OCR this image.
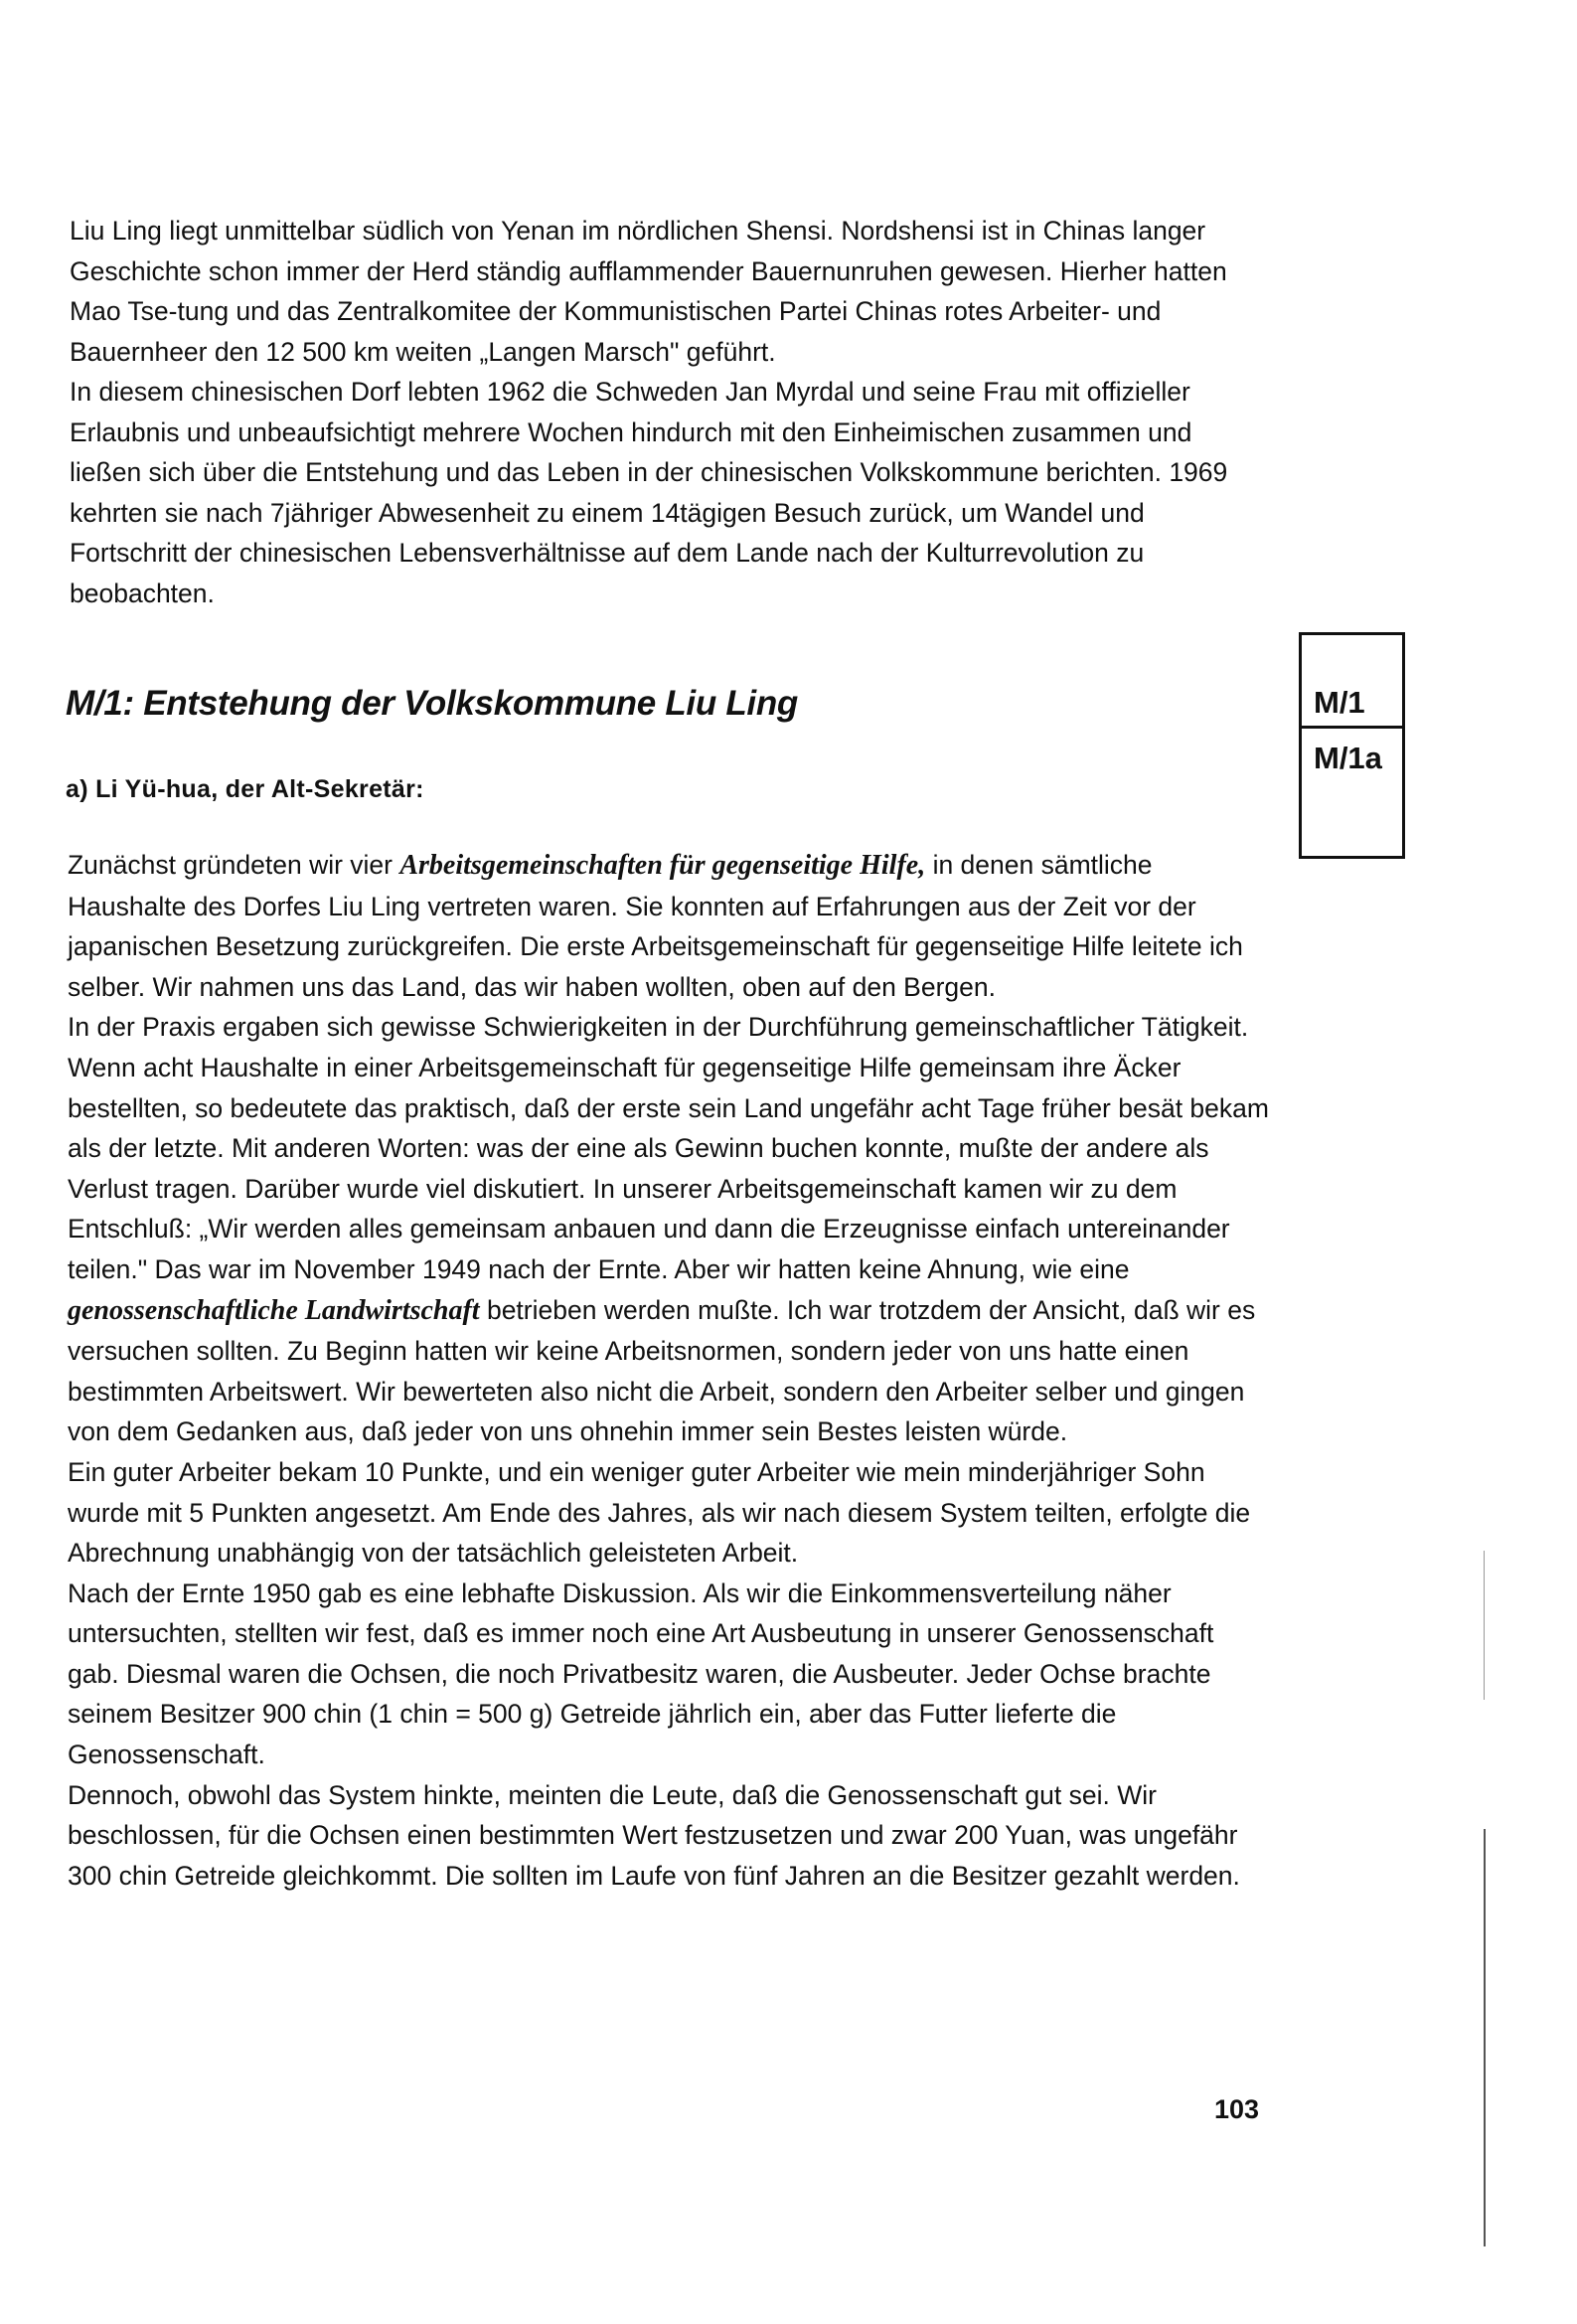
Liu Ling liegt unmittelbar südlich von Yenan im nördlichen Shensi. Nordshensi ist in Chinas langer Geschichte schon immer der Herd ständig aufflammender Bauernunruhen gewesen. Hierher hatten Mao Tse-tung und das Zentralkomitee der Kommunistischen Partei Chinas rotes Arbeiter- und Bauernheer den 12 500 km weiten „Langen Marsch" geführt.

In diesem chinesischen Dorf lebten 1962 die Schweden Jan Myrdal und seine Frau mit offizieller Erlaubnis und unbeaufsichtigt mehrere Wochen hindurch mit den Einheimischen zusammen und ließen sich über die Entstehung und das Leben in der chinesischen Volkskommune berichten. 1969 kehrten sie nach 7jähriger Abwesenheit zu einem 14tägigen Besuch zurück, um Wandel und Fortschritt der chinesischen Lebensverhältnisse auf dem Lande nach der Kulturrevolution zu beobachten.

M/1: Entstehung der Volkskommune Liu Ling
a) Li Yü-hua, der Alt-Sekretär:
M/1
M/1a

Zunächst gründeten wir vier Arbeitsgemeinschaften für gegenseitige Hilfe, in denen sämtliche Haushalte des Dorfes Liu Ling vertreten waren. Sie konnten auf Erfahrungen aus der Zeit vor der japanischen Besetzung zurückgreifen. Die erste Arbeitsgemeinschaft für gegenseitige Hilfe leitete ich selber. Wir nahmen uns das Land, das wir haben wollten, oben auf den Bergen.

In der Praxis ergaben sich gewisse Schwierigkeiten in der Durchführung gemeinschaftlicher Tätigkeit. Wenn acht Haushalte in einer Arbeitsgemeinschaft für gegenseitige Hilfe gemeinsam ihre Äcker bestellten, so bedeutete das praktisch, daß der erste sein Land ungefähr acht Tage früher besät bekam als der letzte. Mit anderen Worten: was der eine als Gewinn buchen konnte, mußte der andere als Verlust tragen. Darüber wurde viel diskutiert. In unserer Arbeitsgemeinschaft kamen wir zu dem Entschluß: „Wir werden alles gemeinsam anbauen und dann die Erzeugnisse einfach untereinander teilen." Das war im November 1949 nach der Ernte. Aber wir hatten keine Ahnung, wie eine genossenschaftliche Landwirtschaft betrieben werden mußte. Ich war trotzdem der Ansicht, daß wir es versuchen sollten. Zu Beginn hatten wir keine Arbeitsnormen, sondern jeder von uns hatte einen bestimmten Arbeitswert. Wir bewerteten also nicht die Arbeit, sondern den Arbeiter selber und gingen von dem Gedanken aus, daß jeder von uns ohnehin immer sein Bestes leisten würde.

Ein guter Arbeiter bekam 10 Punkte, und ein weniger guter Arbeiter wie mein minderjähriger Sohn wurde mit 5 Punkten angesetzt. Am Ende des Jahres, als wir nach diesem System teilten, erfolgte die Abrechnung unabhängig von der tatsächlich geleisteten Arbeit.

Nach der Ernte 1950 gab es eine lebhafte Diskussion. Als wir die Einkommensverteilung näher untersuchten, stellten wir fest, daß es immer noch eine Art Ausbeutung in unserer Genossenschaft gab. Diesmal waren die Ochsen, die noch Privatbesitz waren, die Ausbeuter. Jeder Ochse brachte seinem Besitzer 900 chin (1 chin = 500 g) Getreide jährlich ein, aber das Futter lieferte die Genossenschaft.

Dennoch, obwohl das System hinkte, meinten die Leute, daß die Genossenschaft gut sei. Wir beschlossen, für die Ochsen einen bestimmten Wert festzusetzen und zwar 200 Yuan, was ungefähr 300 chin Getreide gleichkommt. Die sollten im Laufe von fünf Jahren an die Besitzer gezahlt werden.

103
